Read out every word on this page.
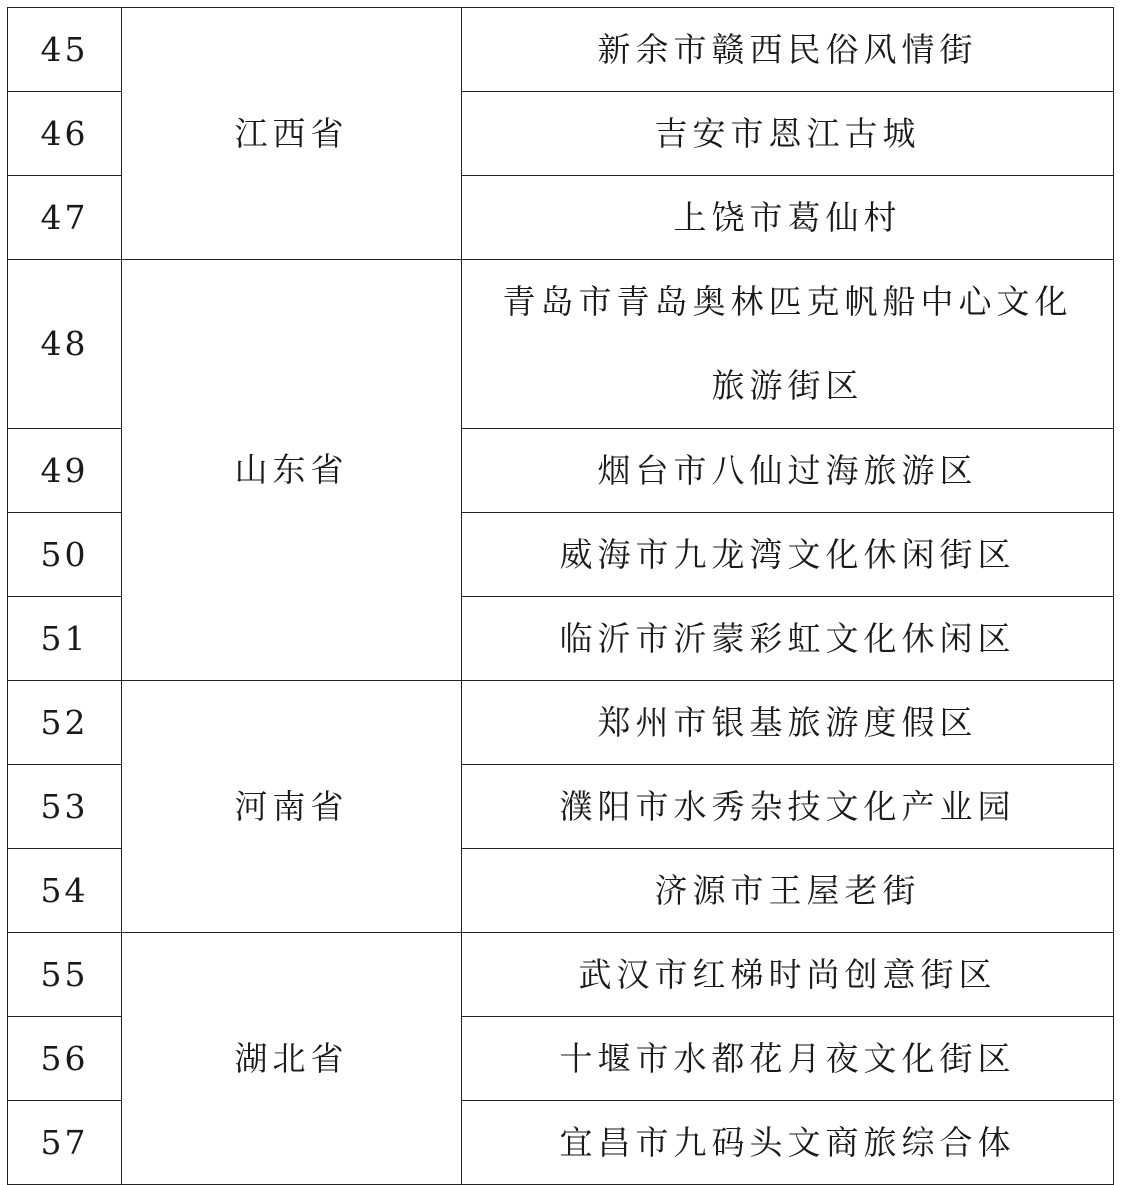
45	江西省	新余市赣西民俗风情街
46		吉安市恩江古城
47		上饶市葛仙村
48	山东省	青岛市青岛奥林匹克帆船中心文化旅游街区
49		烟台市八仙过海旅游区
50		威海市九龙湾文化休闲街区
51		临沂市沂蒙彩虹文化休闲区
52	河南省	郑州市银基旅游度假区
53		濮阳市水秀杂技文化产业园
54		济源市王屋老街
55	湖北省	武汉市红梯时尚创意街区
56		十堰市水都花月夜文化街区
57		宜昌市九码头文商旅综合体
